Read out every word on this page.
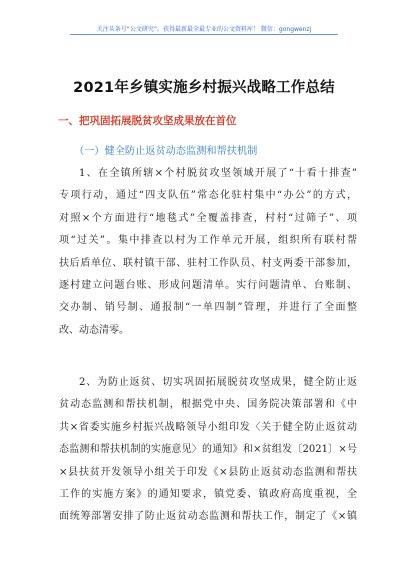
关注头条号“公文研究”，获得最新最全最专业的公文资料库！ 微信：gongwenzj
2021年乡镇实施乡村振兴战略工作总结
一、把巩固拓展脱贫攻坚成果放在首位
（一）健全防止返贫动态监测和帮扶机制
1、在全镇所辖×个村脱贫攻坚领域开展了“十看十排查”
专项行动，通过“四支队伍”常态化驻村集中“办公”的方式，
对照×个方面进行“地毯式”全覆盖排查，村村“过筛子”、项
项“过关”。集中排查以村为工作单元开展，组织所有联村帮
扶后盾单位、联村镇干部、驻村工作队员、村支两委干部参加，
逐村建立问题台账、形成问题清单。实行问题清单、台账制、
交办制、销号制、通报制“一单四制”管理，并进行了全面整
改、动态清零。
2、为防止返贫、切实巩固拓展脱贫攻坚成果，健全防止返
贫动态监测和帮扶机制，根据党中央、国务院决策部署和《中
共×省委实施乡村振兴战略领导小组印发〈关于健全防止返贫动
态监测和帮扶机制的实施意见〉的通知》和×贫组发〔2021〕×号
×县扶贫开发领导小组关于印发《×县防止返贫动态监测和帮扶
工作的实施方案》的通知要求，镇党委、镇政府高度重视，全
面统筹部署安排了防止返贫动态监测和帮扶工作，制定了《×镇
